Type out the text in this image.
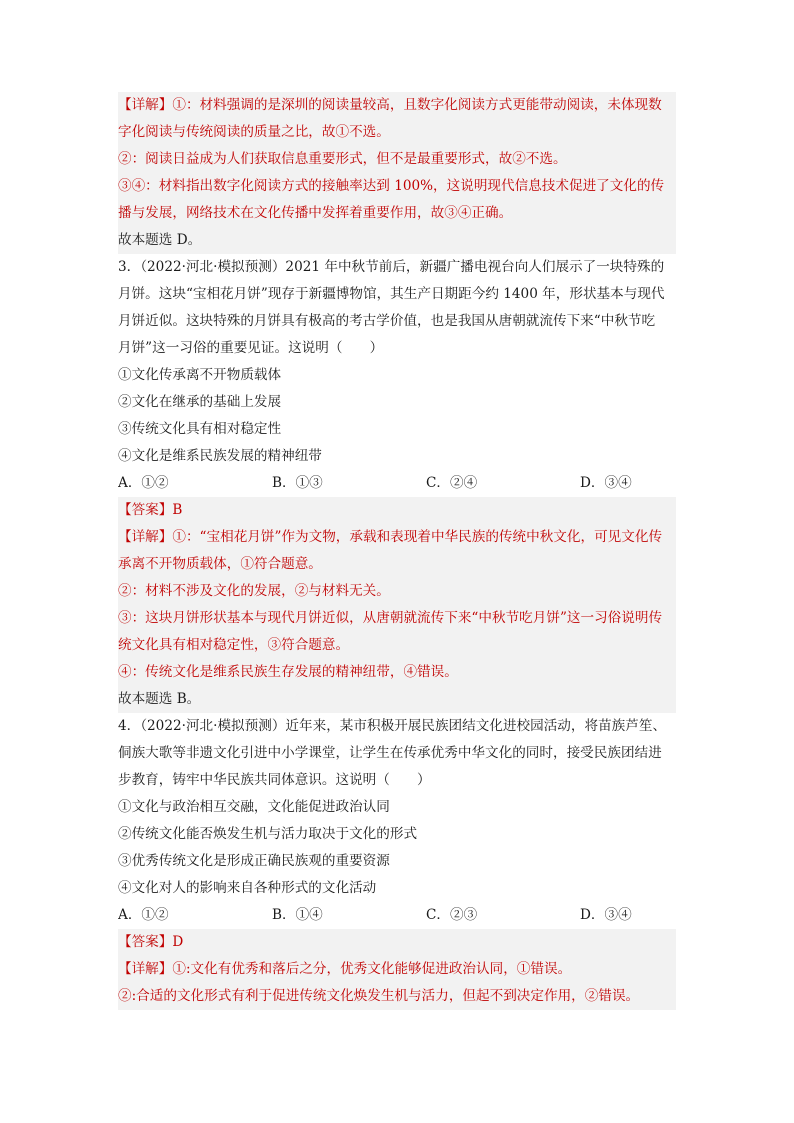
【详解】①：材料强调的是深圳的阅读量较高，且数字化阅读方式更能带动阅读，未体现数
字化阅读与传统阅读的质量之比，故①不选。
②：阅读日益成为人们获取信息重要形式，但不是最重要形式，故②不选。
③④：材料指出数字化阅读方式的接触率达到 100%，这说明现代信息技术促进了文化的传
播与发展，网络技术在文化传播中发挥着重要作用，故③④正确。
故本题选 D。
3．（2022·河北·模拟预测）2021 年中秋节前后，新疆广播电视台向人们展示了一块特殊的
月饼。这块“宝相花月饼”现存于新疆博物馆，其生产日期距今约 1400 年，形状基本与现代
月饼近似。这块特殊的月饼具有极高的考古学价值，也是我国从唐朝就流传下来“中秋节吃
月饼”这一习俗的重要见证。这说明（　　）
①文化传承离不开物质载体
②文化在继承的基础上发展
③传统文化具有相对稳定性
④文化是维系民族发展的精神纽带
A．①②	B．①③	C．②④	D．③④
【答案】B
【详解】①：“宝相花月饼”作为文物，承载和表现着中华民族的传统中秋文化，可见文化传
承离不开物质载体，①符合题意。
②：材料不涉及文化的发展，②与材料无关。
③：这块月饼形状基本与现代月饼近似，从唐朝就流传下来“中秋节吃月饼”这一习俗说明传
统文化具有相对稳定性，③符合题意。
④：传统文化是维系民族生存发展的精神纽带，④错误。
故本题选 B。
4．（2022·河北·模拟预测）近年来，某市积极开展民族团结文化进校园活动，将苗族芦笙、
侗族大歌等非遗文化引进中小学课堂，让学生在传承优秀中华文化的同时，接受民族团结进
步教育，铸牢中华民族共同体意识。这说明（　　）
①文化与政治相互交融，文化能促进政治认同
②传统文化能否焕发生机与活力取决于文化的形式
③优秀传统文化是形成正确民族观的重要资源
④文化对人的影响来自各种形式的文化活动
A．①②	B．①④	C．②③	D．③④
【答案】D
【详解】①:文化有优秀和落后之分，优秀文化能够促进政治认同，①错误。
②:合适的文化形式有利于促进传统文化焕发生机与活力，但起不到决定作用，②错误。
